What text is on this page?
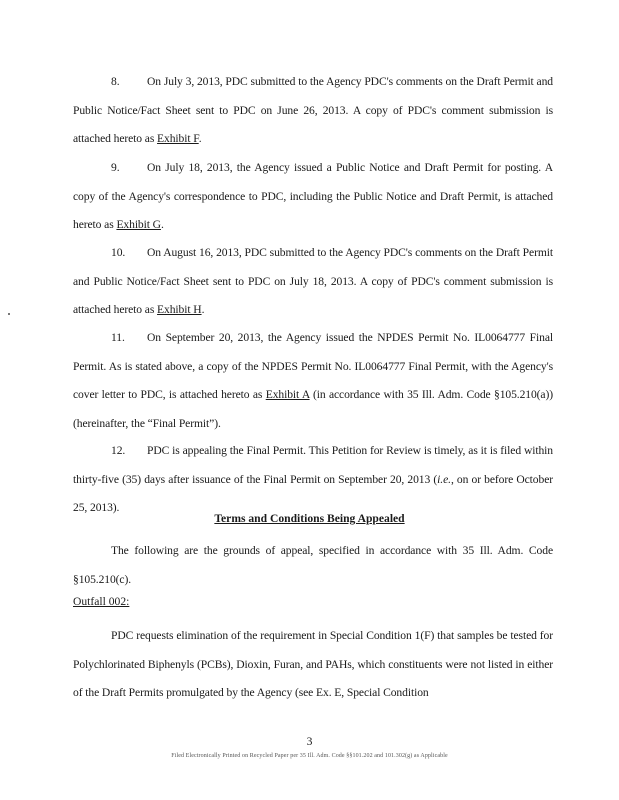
8. On July 3, 2013, PDC submitted to the Agency PDC's comments on the Draft Permit and Public Notice/Fact Sheet sent to PDC on June 26, 2013. A copy of PDC's comment submission is attached hereto as Exhibit F.
9. On July 18, 2013, the Agency issued a Public Notice and Draft Permit for posting. A copy of the Agency's correspondence to PDC, including the Public Notice and Draft Permit, is attached hereto as Exhibit G.
10. On August 16, 2013, PDC submitted to the Agency PDC's comments on the Draft Permit and Public Notice/Fact Sheet sent to PDC on July 18, 2013. A copy of PDC's comment submission is attached hereto as Exhibit H.
11. On September 20, 2013, the Agency issued the NPDES Permit No. IL0064777 Final Permit. As is stated above, a copy of the NPDES Permit No. IL0064777 Final Permit, with the Agency's cover letter to PDC, is attached hereto as Exhibit A (in accordance with 35 Ill. Adm. Code §105.210(a)) (hereinafter, the “Final Permit”).
12. PDC is appealing the Final Permit. This Petition for Review is timely, as it is filed within thirty-five (35) days after issuance of the Final Permit on September 20, 2013 (i.e., on or before October 25, 2013).
Terms and Conditions Being Appealed
The following are the grounds of appeal, specified in accordance with 35 Ill. Adm. Code §105.210(c).
Outfall 002:
PDC requests elimination of the requirement in Special Condition 1(F) that samples be tested for Polychlorinated Biphenyls (PCBs), Dioxin, Furan, and PAHs, which constituents were not listed in either of the Draft Permits promulgated by the Agency (see Ex. E, Special Condition
3
Filed Electronically Printed on Recycled Paper per 35 Ill. Adm. Code §§101.202 and 101.302(g) as Applicable
